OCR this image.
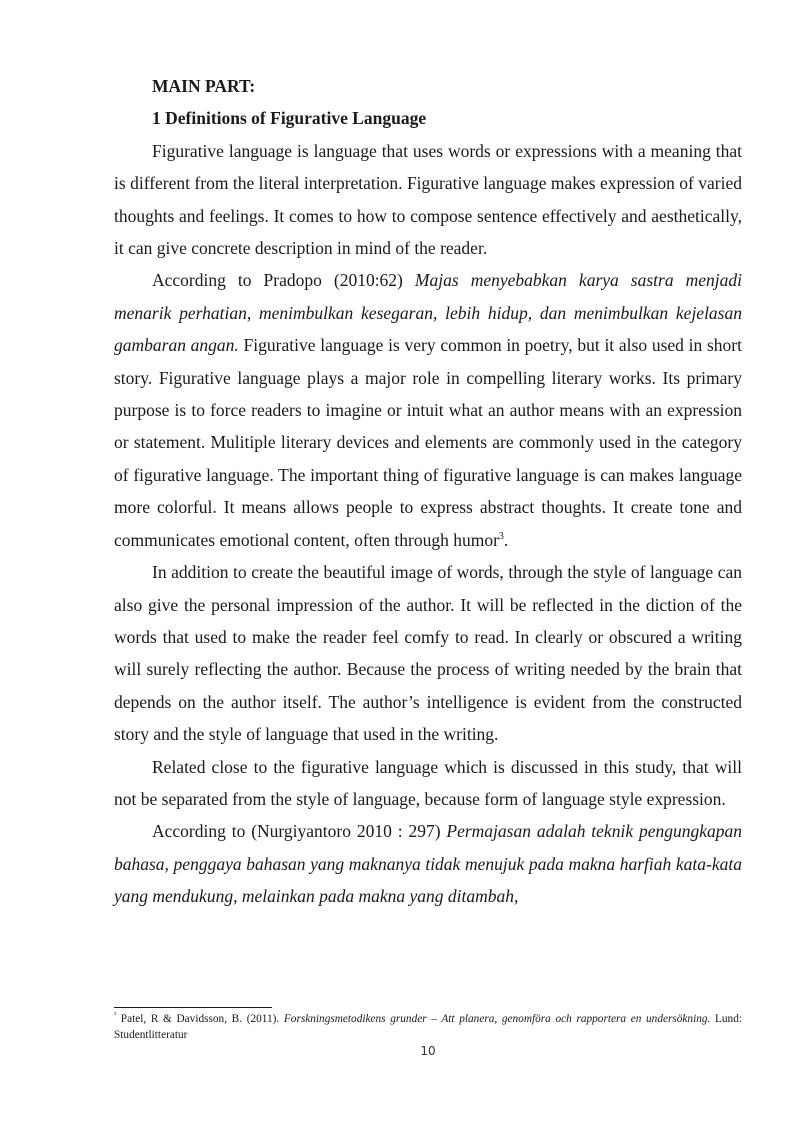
MAIN PART:

1 Definitions of Figurative Language

Figurative language is language that uses words or expressions with a meaning that is different from the literal interpretation. Figurative language makes expression of varied thoughts and feelings. It comes to how to compose sentence effectively and aesthetically, it can give concrete description in mind of the reader.

According to Pradopo (2010:62) Majas menyebabkan karya sastra menjadi menarik perhatian, menimbulkan kesegaran, lebih hidup, dan menimbulkan kejelasan gambaran angan. Figurative language is very common in poetry, but it also used in short story. Figurative language plays a major role in compelling literary works. Its primary purpose is to force readers to imagine or intuit what an author means with an expression or statement. Mulitiple literary devices and elements are commonly used in the category of figurative language. The important thing of figurative language is can makes language more colorful. It means allows people to express abstract thoughts. It create tone and communicates emotional content, often through humor$^3$.

In addition to create the beautiful image of words, through the style of language can also give the personal impression of the author. It will be reflected in the diction of the words that used to make the reader feel comfy to read. In clearly or obscured a writing will surely reflecting the author. Because the process of writing needed by the brain that depends on the author itself. The author’s intelligence is evident from the constructed story and the style of language that used in the writing.

Related close to the figurative language which is discussed in this study, that will not be separated from the style of language, because form of language style expression.

According to (Nurgiyantoro 2010 : 297) Permajasan adalah teknik pengungkapan bahasa, penggaya bahasan yang maknanya tidak menujuk pada makna harfiah kata-kata yang mendukung, melainkan pada makna yang ditambah,

$^{^3}$ Patel, R & Davidsson, B. (2011). Forskningsmetodikens grunder – Att planera, genomföra och rapportera en undersökning. Lund: Studentlitteratur
10
